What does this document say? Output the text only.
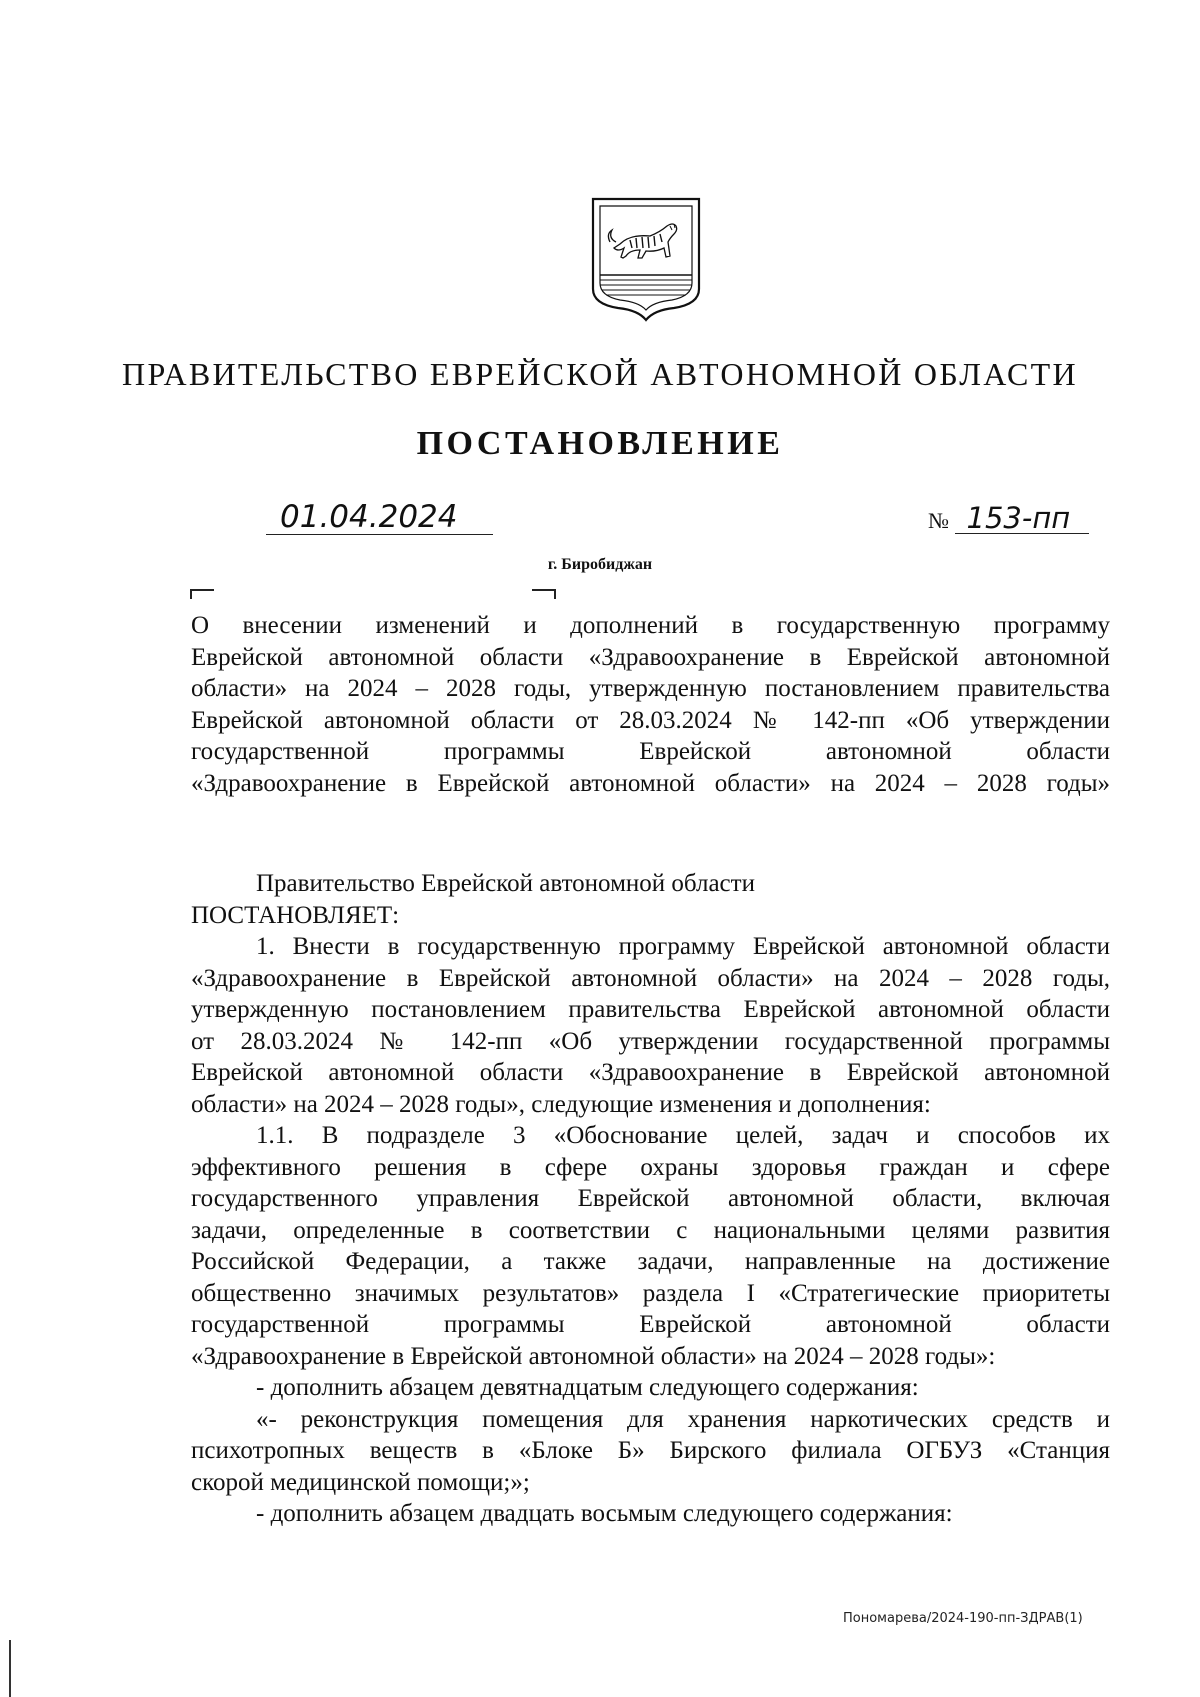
ПРАВИТЕЛЬСТВО ЕВРЕЙСКОЙ АВТОНОМНОЙ ОБЛАСТИ
ПОСТАНОВЛЕНИЕ
01.04.2024	№ 153-пп
г. Биробиджан
О внесении изменений и дополнений в государственную программу
Еврейской автономной области «Здравоохранение в Еврейской автономной
области» на 2024 – 2028 годы, утвержденную постановлением правительства
Еврейской автономной области от 28.03.2024 № 142-пп «Об утверждении
государственной программы Еврейской автономной области
«Здравоохранение в Еврейской автономной области» на 2024 – 2028 годы»
Правительство Еврейской автономной области
ПОСТАНОВЛЯЕТ:
1. Внести в государственную программу Еврейской автономной области
«Здравоохранение в Еврейской автономной области» на 2024 – 2028 годы,
утвержденную постановлением правительства Еврейской автономной области
от 28.03.2024 № 142-пп «Об утверждении государственной программы
Еврейской автономной области «Здравоохранение в Еврейской автономной
области» на 2024 – 2028 годы», следующие изменения и дополнения:
1.1. В подразделе 3 «Обоснование целей, задач и способов их
эффективного решения в сфере охраны здоровья граждан и сфере
государственного управления Еврейской автономной области, включая
задачи, определенные в соответствии с национальными целями развития
Российской Федерации, а также задачи, направленные на достижение
общественно значимых результатов» раздела I «Стратегические приоритеты
государственной программы Еврейской автономной области
«Здравоохранение в Еврейской автономной области» на 2024 – 2028 годы»:
- дополнить абзацем девятнадцатым следующего содержания:
«- реконструкция помещения для хранения наркотических средств и
психотропных веществ в «Блоке Б» Бирского филиала ОГБУЗ «Станция
скорой медицинской помощи;»;
- дополнить абзацем двадцать восьмым следующего содержания:
Пономарева/2024-190-пп-ЗДРАВ(1)
